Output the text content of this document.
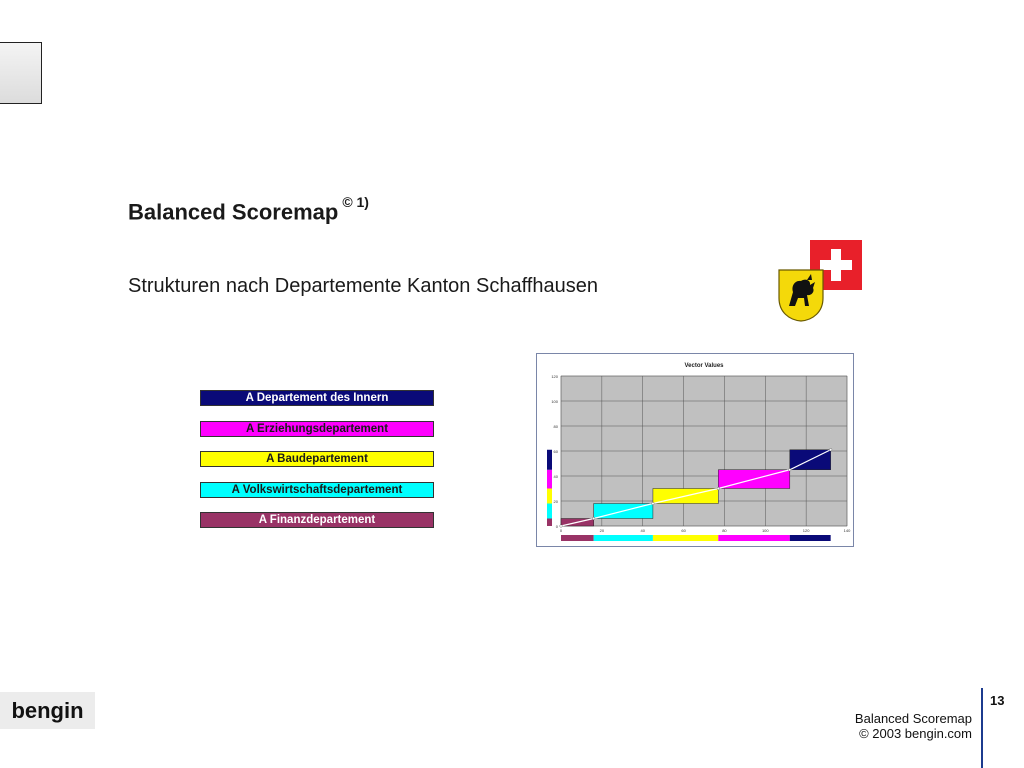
Balanced Scoremap $^{© 1)}$
Strukturen nach Departemente Kanton Schaffhausen
A Departement des Innern
A Erziehungsdepartement
A Baudepartement
A Volkswirtschaftsdepartement
A Finanzdepartement
Vector Values
0
20
40
60
80
100
120
0	20	40	60	80	100	120	140
bengin	Balanced Scoremap
© 2003 bengin.com
13
